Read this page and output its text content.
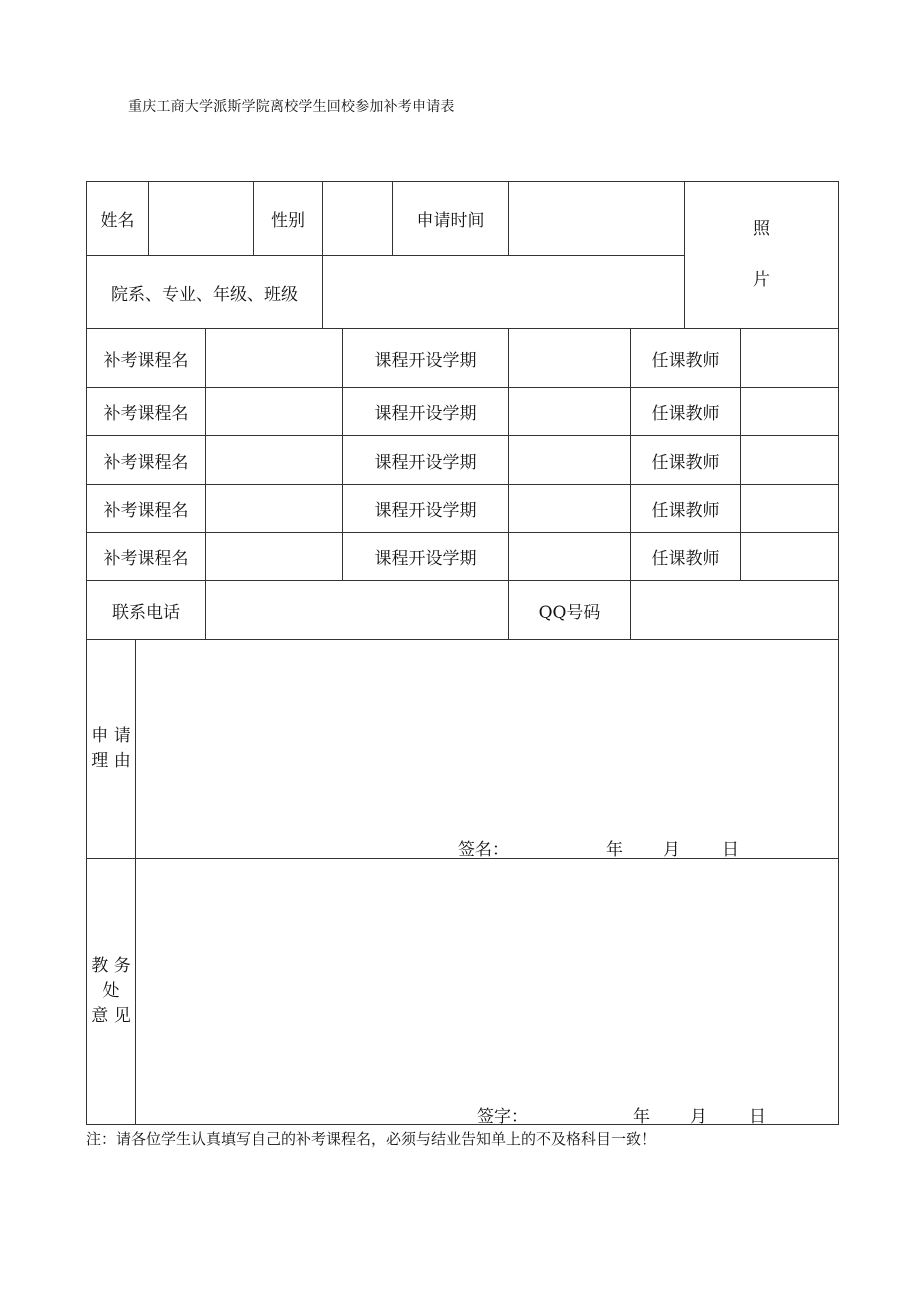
重庆工商大学派斯学院离校学生回校参加补考申请表
姓名	性别	申请时间	照
片
院系、专业、年级、班级
补考课程名	课程开设学期	任课教师
补考课程名	课程开设学期	任课教师
补考课程名	课程开设学期	任课教师
补考课程名	课程开设学期	任课教师
补考课程名	课程开设学期	任课教师
联系电话	QQ号码
申 请
理 由
签名：	年 月 日
教 务
处
意 见
签字：	年 月 日
注：请各位学生认真填写自己的补考课程名，必须与结业告知单上的不及格科目一致！
